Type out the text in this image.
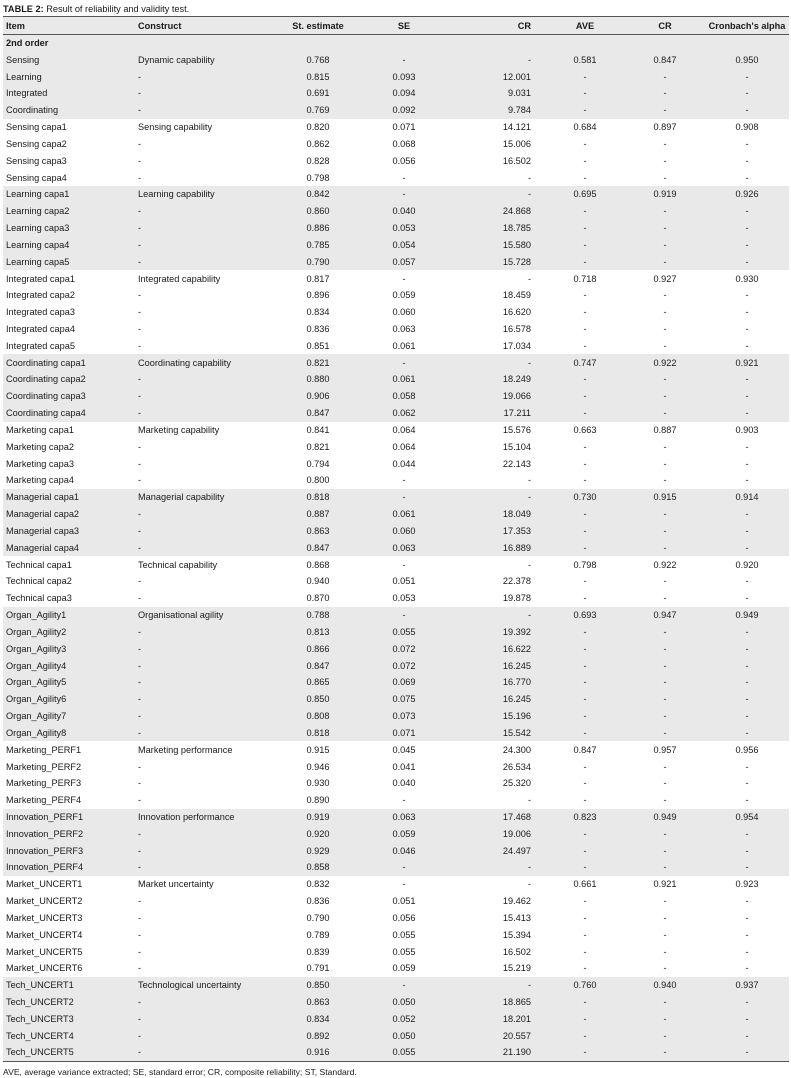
TABLE 2: Result of reliability and validity test.
Item	Construct	St. estimate	SE	CR	AVE	CR	Cronbach's alpha
2nd order							
Sensing	Dynamic capability	0.768	-	-	0.581	0.847	0.950
Learning	-	0.815	0.093	12.001	-	-	-
Integrated	-	0.691	0.094	9.031	-	-	-
Coordinating	-	0.769	0.092	9.784	-	-	-
Sensing capa1	Sensing capability	0.820	0.071	14.121	0.684	0.897	0.908
Sensing capa2	-	0.862	0.068	15.006	-	-	-
Sensing capa3	-	0.828	0.056	16.502	-	-	-
Sensing capa4	-	0.798	-	-	-	-	-
Learning capa1	Learning capability	0.842	-	-	0.695	0.919	0.926
Learning capa2	-	0.860	0.040	24.868	-	-	-
Learning capa3	-	0.886	0.053	18.785	-	-	-
Learning capa4	-	0.785	0.054	15.580	-	-	-
Learning capa5	-	0.790	0.057	15.728	-	-	-
Integrated capa1	Integrated capability	0.817	-	-	0.718	0.927	0.930
Integrated capa2	-	0.896	0.059	18.459	-	-	-
Integrated capa3	-	0.834	0.060	16.620	-	-	-
Integrated capa4	-	0.836	0.063	16.578	-	-	-
Integrated capa5	-	0.851	0.061	17.034	-	-	-
Coordinating capa1	Coordinating capability	0.821	-	-	0.747	0.922	0.921
Coordinating capa2	-	0.880	0.061	18.249	-	-	-
Coordinating capa3	-	0.906	0.058	19.066	-	-	-
Coordinating capa4	-	0.847	0.062	17.211	-	-	-
Marketing capa1	Marketing capability	0.841	0.064	15.576	0.663	0.887	0.903
Marketing capa2	-	0.821	0.064	15.104	-	-	-
Marketing capa3	-	0.794	0.044	22.143	-	-	-
Marketing capa4	-	0.800	-	-	-	-	-
Managerial capa1	Managerial capability	0.818	-	-	0.730	0.915	0.914
Managerial capa2	-	0.887	0.061	18.049	-	-	-
Managerial capa3	-	0.863	0.060	17.353	-	-	-
Managerial capa4	-	0.847	0.063	16.889	-	-	-
Technical capa1	Technical capability	0.868	-	-	0.798	0.922	0.920
Technical capa2	-	0.940	0.051	22.378	-	-	-
Technical capa3	-	0.870	0.053	19.878	-	-	-
Organ_Agility1	Organisational agility	0.788	-	-	0.693	0.947	0.949
Organ_Agility2	-	0.813	0.055	19.392	-	-	-
Organ_Agility3	-	0.866	0.072	16.622	-	-	-
Organ_Agility4	-	0.847	0.072	16.245	-	-	-
Organ_Agility5	-	0.865	0.069	16.770	-	-	-
Organ_Agility6	-	0.850	0.075	16.245	-	-	-
Organ_Agility7	-	0.808	0.073	15.196	-	-	-
Organ_Agility8	-	0.818	0.071	15.542	-	-	-
Marketing_PERF1	Marketing performance	0.915	0.045	24.300	0.847	0.957	0.956
Marketing_PERF2	-	0.946	0.041	26.534	-	-	-
Marketing_PERF3	-	0.930	0.040	25.320	-	-	-
Marketing_PERF4	-	0.890	-	-	-	-	-
Innovation_PERF1	Innovation performance	0.919	0.063	17.468	0.823	0.949	0.954
Innovation_PERF2	-	0.920	0.059	19.006	-	-	-
Innovation_PERF3	-	0.929	0.046	24.497	-	-	-
Innovation_PERF4	-	0.858	-	-	-	-	-
Market_UNCERT1	Market uncertainty	0.832	-	-	0.661	0.921	0.923
Market_UNCERT2	-	0.836	0.051	19.462	-	-	-
Market_UNCERT3	-	0.790	0.056	15.413	-	-	-
Market_UNCERT4	-	0.789	0.055	15.394	-	-	-
Market_UNCERT5	-	0.839	0.055	16.502	-	-	-
Market_UNCERT6	-	0.791	0.059	15.219	-	-	-
Tech_UNCERT1	Technological uncertainty	0.850	-	-	0.760	0.940	0.937
Tech_UNCERT2	-	0.863	0.050	18.865	-	-	-
Tech_UNCERT3	-	0.834	0.052	18.201	-	-	-
Tech_UNCERT4	-	0.892	0.050	20.557	-	-	-
Tech_UNCERT5	-	0.916	0.055	21.190	-	-	-
AVE, average variance extracted; SE, standard error; CR, composite reliability; ST, Standard.
